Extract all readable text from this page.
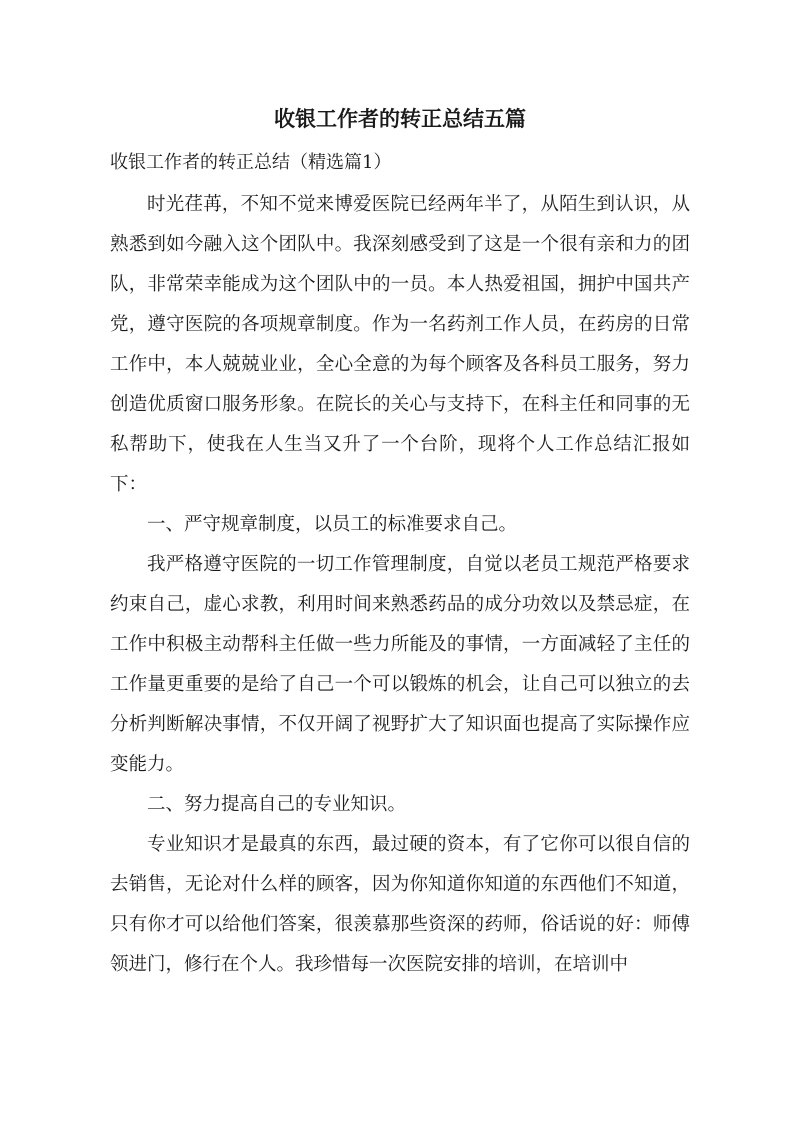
收银工作者的转正总结五篇

收银工作者的转正总结（精选篇1）

时光荏苒，不知不觉来博爱医院已经两年半了，从陌生到认识，从熟悉到如今融入这个团队中。我深刻感受到了这是一个很有亲和力的团队，非常荣幸能成为这个团队中的一员。本人热爱祖国，拥护中国共产党，遵守医院的各项规章制度。作为一名药剂工作人员，在药房的日常工作中，本人兢兢业业，全心全意的为每个顾客及各科员工服务，努力创造优质窗口服务形象。在院长的关心与支持下，在科主任和同事的无私帮助下，使我在人生当又升了一个台阶，现将个人工作总结汇报如下：

一、严守规章制度，以员工的标准要求自己。

我严格遵守医院的一切工作管理制度，自觉以老员工规范严格要求约束自己，虚心求教，利用时间来熟悉药品的成分功效以及禁忌症，在工作中积极主动帮科主任做一些力所能及的事情，一方面减轻了主任的工作量更重要的是给了自己一个可以锻炼的机会，让自己可以独立的去分析判断解决事情，不仅开阔了视野扩大了知识面也提高了实际操作应变能力。

二、努力提高自己的专业知识。

专业知识才是最真的东西，最过硬的资本，有了它你可以很自信的去销售，无论对什么样的顾客，因为你知道你知道的东西他们不知道，只有你才可以给他们答案，很羡慕那些资深的药师，俗话说的好：师傅领进门，修行在个人。我珍惜每一次医院安排的培训，在培训中
